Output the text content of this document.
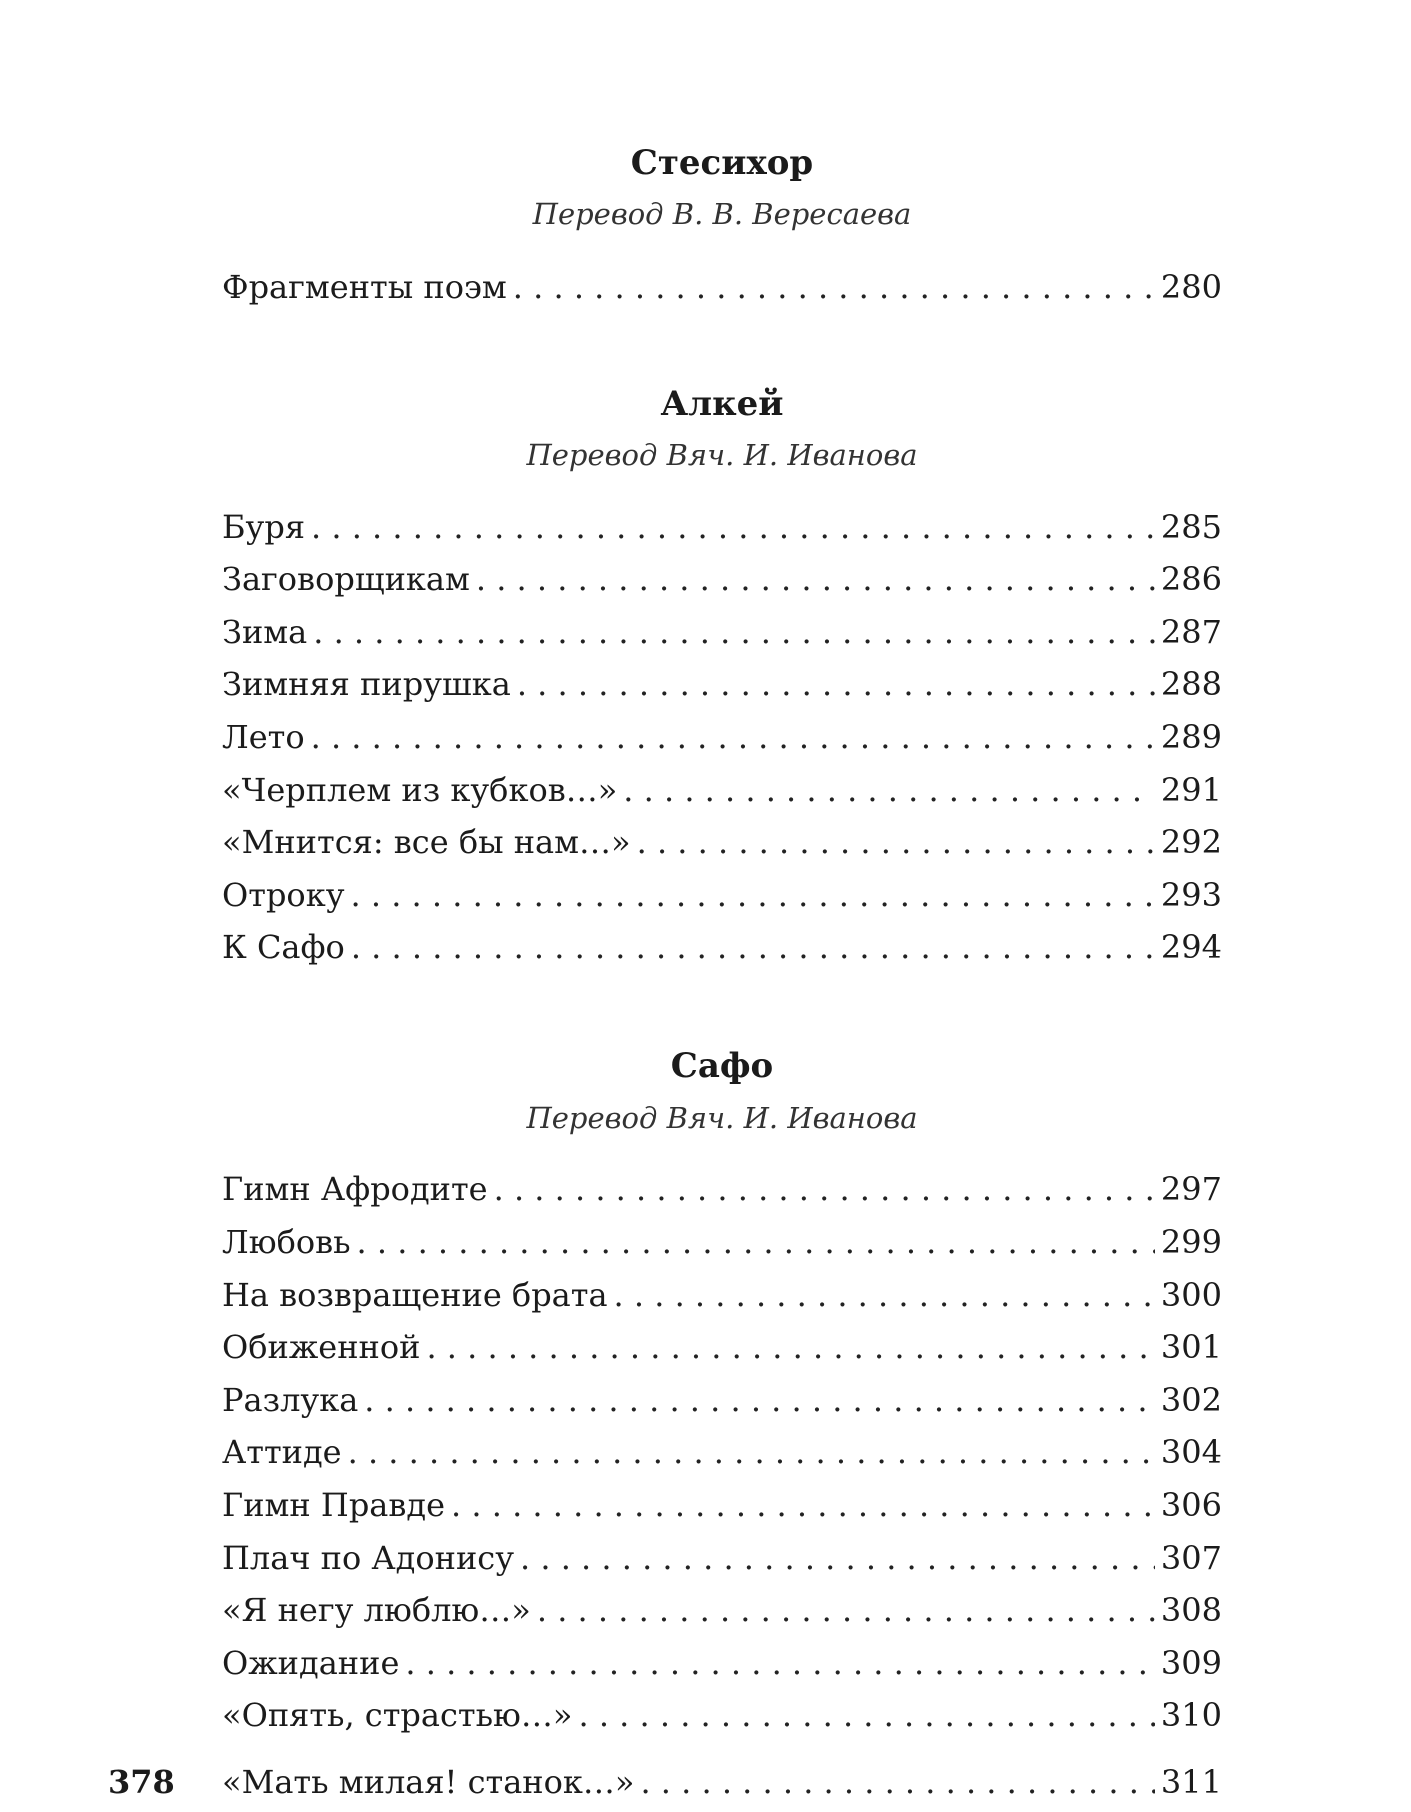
Стесихор
Перевод В. В. Вересаева
Фрагменты поэм . . .	280
Алкей
Перевод Вяч. И. Иванова
Буря . . .	285
Заговорщикам . . .	286
Зима . . .	287
Зимняя пирушка . . .	288
Лето . . .	289
«Черплем из кубков…» . . .	291
«Мнится: все бы нам…» . . .	292
Отроку . . .	293
К Сафо . . .	294
Сафо
Перевод Вяч. И. Иванова
Гимн Афродите . . .	297
Любовь . . .	299
На возвращение брата . . .	300
Обиженной . . .	301
Разлука . . .	302
Аттиде . . .	304
Гимн Правде . . .	306
Плач по Адонису . . .	307
«Я негу люблю…» . . .	308
Ожидание . . .	309
«Опять, страстью…» . . .	310
«Мать милая! станок…» . . .	311
378
